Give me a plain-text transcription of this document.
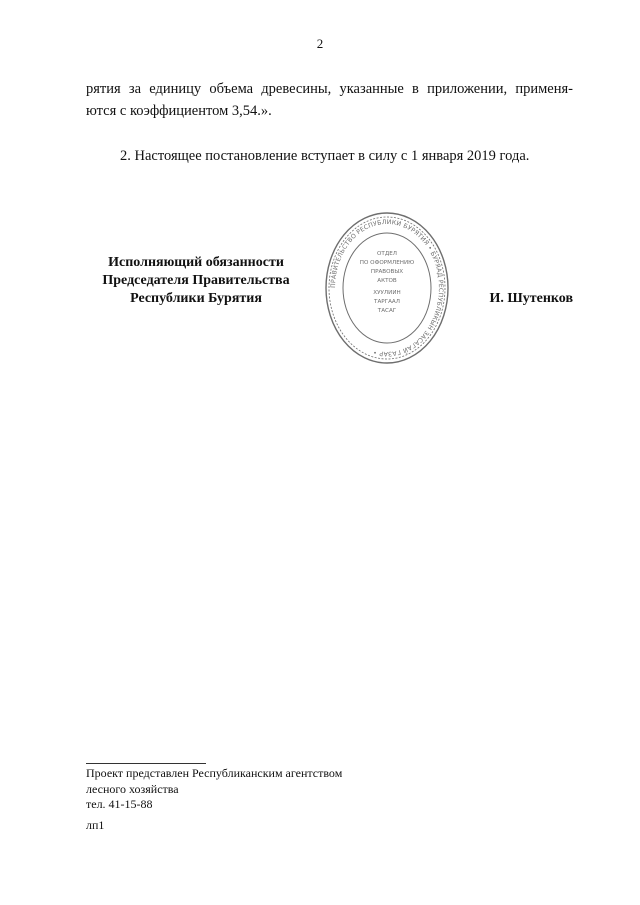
2
рятия за единицу объема древесины, указанные в приложении, применя-
ются с коэффициентом 3,54.».
2. Настоящее постановление вступает в силу с 1 января 2019 года.
Исполняющий обязанности
Председателя Правительства
Республики Бурятия
ПРАВИТЕЛЬСТВО РЕСПУБЛИКИ БУРЯТИЯ • БУРЯАД РЕСПУБЛИКЫН ЗАСАГАЙ ГАЗАР •
ОТДЕЛ
ПО ОФОРМЛЕНИЮ
ПРАВОВЫХ
АКТОВ
ХУУЛИИН
ТАРГААЛ
ТАСАГ
И. Шутенков
Проект представлен Республиканским агентством
лесного хозяйства
тел. 41-15-88
лп1
